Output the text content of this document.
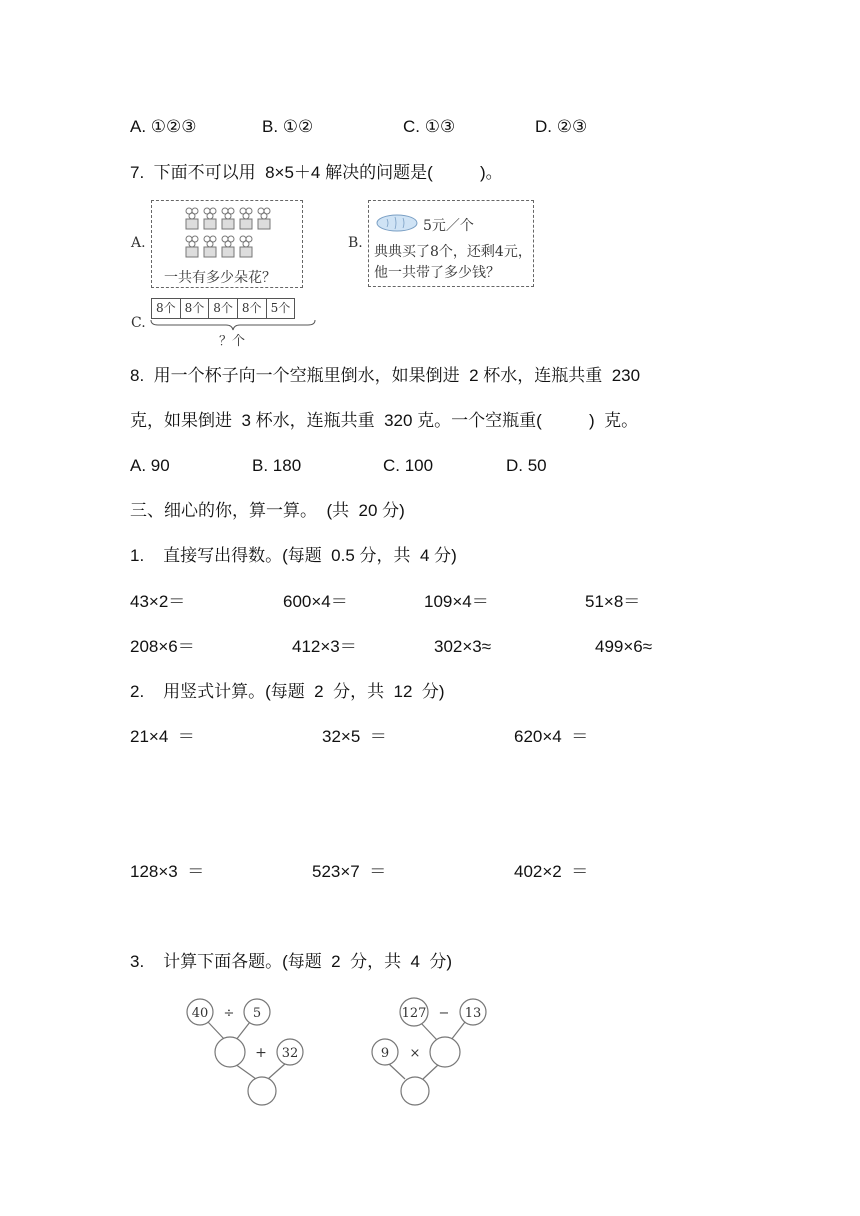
A. ①②③	B. ①②	C. ①③	D. ②③
7.  下面不可以用  8×5＋4 解决的问题是(          )。
A.
一共有多少朵花？
B.
5元／个
典典买了8个，还剩4元，
他一共带了多少钱？
C.
8个 8个 8个 8个 5个
？个
8.  用一个杯子向一个空瓶里倒水，如果倒进  2 杯水，连瓶共重  230
克，如果倒进  3 杯水，连瓶共重  320 克。一个空瓶重(          )  克。
A. 90	B. 180	C. 100	D. 50
三、细心的你，算一算。  (共  20 分)
1.    直接写出得数。(每题  0.5 分，共  4 分)
43×2＝	600×4＝	109×4＝	51×8＝
208×6＝	412×3＝	302×3≈	499×6≈
2.    用竖式计算。(每题  2  分，共  12  分)
21×4  ＝	32×5  ＝	620×4  ＝
128×3  ＝	523×7  ＝	402×2  ＝
3.    计算下面各题。(每题  2  分，共  4  分)
40 ÷ 5
+ 32
127 − 13
9 ×
